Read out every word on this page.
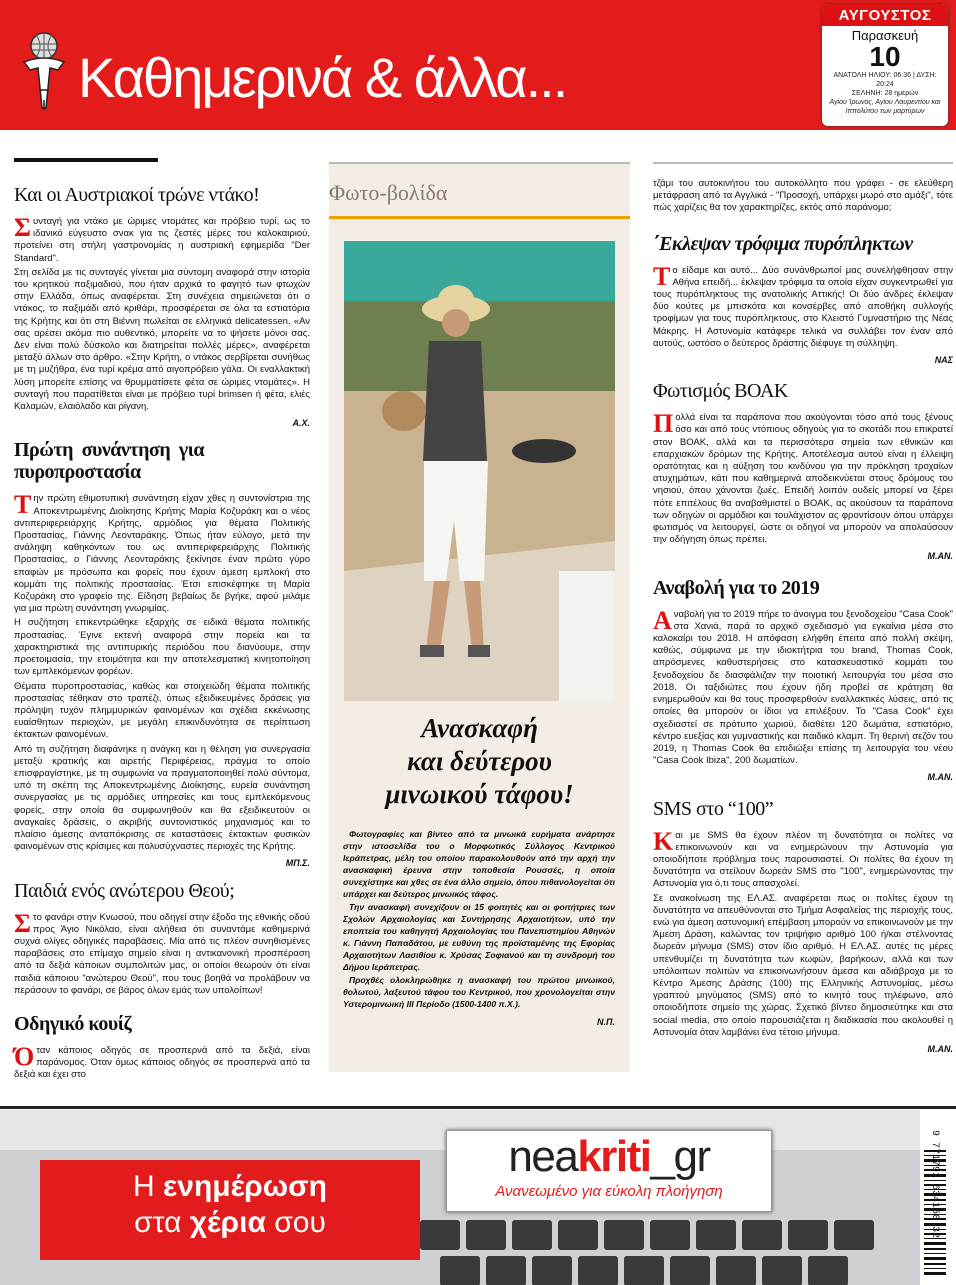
Καθημερινά & άλλα...
ΑΥΓΟΥΣΤΟΣ
Παρασκευή
10
ΑΝΑΤΟΛΗ ΗΛΙΟΥ: 06:36 | ΔΥΣΗ: 20:24
ΣΕΛΗΝΗ: 28 ημερών
Αγίου Ίρωνος, Αγίου Λαυρεντίου και Ιππολύτου των μαρτύρων
Και οι Αυστριακοί τρώνε ντάκο!

Συνταγή για ντάκο με ώριμες ντομάτες και πρόβειο τυρί, ως το ιδανικό εύγευστο σνακ για τις ζεστές μέρες του καλοκαιριού, προτείνει στη στήλη γαστρονομίας η αυστριακή εφημερίδα "Der Standard".

Στη σελίδα με τις συνταγές γίνεται μια σύντομη αναφορά στην ιστορία του κρητικού παξιμαδιού, που ήταν αρχικά το φαγητό των φτωχών στην Ελλάδα, όπως αναφέρεται. Στη συνέχεια σημειώνεται ότι ο ντάκος, το παξιμάδι από κριθάρι, προσφέρεται σε όλα τα εστιατόρια της Κρήτης και ότι στη Βιέννη πωλείται σε ελληνικά delicatessen. «Αν σας αρέσει ακόμα πιο αυθεντικό, μπορείτε να το ψήσετε μόνοι σας. Δεν είναι πολύ δύσκολο και διατηρείται πολλές μέρες», αναφέρεται μεταξύ άλλων στο άρθρο. «Στην Κρήτη, ο ντάκος σερβίρεται συνήθως με τη μυζήθρα, ένα τυρί κρέμα από αιγοπρόβειο γάλα. Οι εναλλακτική λύση μπορείτε επίσης να θρυμματίσετε φέτα σε ώριμες ντομάτες». Η συνταγή που παρατίθεται είναι με πρόβειο τυρί brimsen ή φέτα, ελιές Καλαμών, ελαιόλαδο και ρίγανη.

Α.Χ.
Πρώτη συνάντηση για πυροπροστασία

Την πρώτη εθιμοτυπική συνάντηση είχαν χθες η συντονίστρια της Αποκεντρωμένης Διοίκησης Κρήτης Μαρία Κοζυράκη και ο νέος αντιπεριφερειάρχης Κρήτης, αρμόδιος για θέματα Πολιτικής Προστασίας, Γιάννης Λεονταράκης. Όπως ήταν εύλογο, μετά την ανάληψη καθηκόντων του ως αντιπεριφερειάρχης Πολιτικής Προστασίας, ο Γιάννης Λεονταράκης ξεκίνησε έναν πρώτο γύρο επαφών με πρόσωπα και φορείς που έχουν άμεση εμπλοκή στο κομμάτι της πολιτικής προστασίας. Έτσι επισκέφτηκε τη Μαρία Κοζυράκη στο γραφείο της. Είδηση βεβαίως δε βγήκε, αφού μιλάμε για μια πρώτη συνάντηση γνωριμίας.

Η συζήτηση επικεντρώθηκε εξαρχής σε ειδικά θέματα πολιτικής προστασίας. Έγινε εκτενή αναφορά στην πορεία και τα χαρακτηριστικά της αντιπυρικής περιόδου που διανύουμε, στην προετοιμασία, την ετοιμότητα και την αποτελεσματική κινητοποίηση των εμπλεκόμενων φορέων.

Θέματα πυροπροστασίας, καθώς και στοιχειώδη θέματα πολιτικής προστασίας τέθηκαν στο τραπέζι, όπως εξειδικευμένες δράσεις για πρόληψη τυχόν πλημμυρικών φαινομένων και σχέδια εκκένωσης ευαίσθητων περιοχών, με μεγάλη επικινδυνότητα σε περίπτωση έκτακτων φαινομένων.

Από τη συζήτηση διαφάνηκε η ανάγκη και η θέληση για συνεργασία μεταξύ κρατικής και αιρετής Περιφέρειας, πράγμα το οποίο επισφραγίστηκε, με τη συμφωνία να πραγματοποιηθεί πολύ σύντομα, υπό τη σκέπη της Αποκεντρωμένης Διοίκησης, ευρεία συνάντηση συνεργασίας με τις αρμόδιες υπηρεσίες και τους εμπλεκόμενους φορείς, στην οποία θα συμφωνηθούν και θα εξειδικευτούν οι αναγκαίες δράσεις, ο ακριβής συντονιστικός μηχανισμός και το πλαίσιο άμεσης ανταπόκρισης σε καταστάσεις έκτακτων φυσικών φαινομένων στις κρίσιμες και πολυσύχναστες περιοχές της Κρήτης.

ΜΠ.Σ.
Παιδιά ενός ανώτερου Θεού;

Στο φανάρι στην Κνωσού, που οδηγεί στην έξοδο της εθνικής οδού προς Άγιο Νικόλαο, είναι αλήθεια ότι συναντάμε καθημερινά συχνά ολίγες οδηγικές παραβάσεις. Μία από τις πλέον συνηθισμένες παραβάσεις στο επίμαχο σημείο είναι η αντικανονική προσπέραση από τα δεξιά κάποιων συμπολιτών μας, οι οποίοι θεωρούν ότι είναι παιδιά κάποιου "ανώτερου Θεού", που τους βοηθά να προλάβουν να περάσουν το φανάρι, σε βάρος όλων εμάς των υπολοίπων!

Οδηγικό κουίζ

Όταν κάποιος οδηγός σε προσπερνά από τα δεξιά, είναι παράνομος. Όταν όμως κάποιος οδηγός σε προσπερνά από τα δεξιά και έχει στο

Φωτο-βολίδα
Ανασκαφή
και δεύτερου
μινωικού τάφου!

Φωτογραφίες και βίντεο από τα μινωικά ευρήματα ανάρτησε στην ιστοσελίδα του ο Μορφωτικός Σύλλογος Κεντρικού Ιεράπετρας, μέλη του οποίου παρακολουθούν από την αρχή την ανασκαφική έρευνα στην τοποθεσία Ρουσσές, η οποία συνεχίστηκε και χθες σε ένα άλλο σημείο, όπου πιθανολογείται ότι υπάρχει και δεύτερος μινωικός τάφος.

Την ανασκαφή συνεχίζουν οι 15 φοιτητές και οι φοιτήτριες των Σχολών Αρχαιολογίας και Συντήρησης Αρχαιοτήτων, υπό την εποπτεία του καθηγητή Αρχαιολογίας του Πανεπιστημίου Αθηνών κ. Γιάννη Παπαδάτου, με ευθύνη της προϊσταμένης της Εφορίας Αρχαιοτήτων Λασιθίου κ. Χρύσας Σοφιανού και τη συνδρομή του Δήμου Ιεράπετρας.

Προχθές ολοκληρώθηκε η ανασκαφή του πρώτου μινωικού, θολωτού, λαξευτού τάφου του Κεντρικού, που χρονολογείται στην Υστερομινωική ΙΙΙ Περίοδο (1500-1400 π.Χ.).

Ν.Π.

τζάμι του αυτοκινήτου του αυτοκόλλητο που γράφει - σε ελεύθερη μετάφραση από τα Αγγλικά - "Προσοχή, υπάρχει μωρό στο αμάξι", τότε πώς χαρίζεις θα τον χαρακτηρίζες, εκτός από παράνομο;

΄Εκλεψαν τρόφιμα πυρόπληκτων

Το είδαμε και αυτό... Δύο συνάνθρωποί μας συνελήφθησαν στην Αθήνα επειδή... έκλεψαν τρόφιμα τα οποία είχαν συγκεντρωθεί για τους πυρόπληκτους της ανατολικής Αττικής! Οι δύο άνδρες έκλεψαν δύο κούτες με μπισκότα και κονσέρβες από αποθήκη συλλογής τροφίμων για τους πυρόπληκτους, στο Κλειστό Γυμναστήριο της Νέας Μάκρης. Η Αστυνομία κατάφερε τελικά να συλλάβει τον έναν από αυτούς, ωστόσο ο δεύτερος δράστης διέφυγε τη σύλληψη.

ΝΑΣ
Φωτισμός ΒΟΑΚ

Πολλά είναι τα παράπονα που ακούγονται τόσο από τους ξένους όσο και από τους ντόπιους οδηγούς για το σκοτάδι που επικρατεί στον ΒΟΑΚ, αλλά και τα περισσότερα σημεία των εθνικών και επαρχιακών δρόμων της Κρήτης. Αποτέλεσμα αυτού είναι η έλλειψη ορατότητας και η αύξηση του κινδύνου για την πρόκληση τροχαίων ατυχημάτων, κάτι που καθημερινά αποδεικνύεται στους δρόμους του νησιού, όπου χάνονται ζωές. Επειδή λοιπόν ουδείς μπορεί να ξέρει πότε επιτέλους θα αναβαθμιστεί ο ΒΟΑΚ, ας ακούσουν τα παράπονα των οδηγών οι αρμόδιοι και τουλάχιστον ας φροντίσουν όπου υπάρχει φωτισμός να λειτουργεί, ώστε οι οδηγοί να μπορούν να απολαύσουν την οδήγηση όπως πρέπει.

Μ.ΑΝ.
Αναβολή για το 2019

Αναβολή για το 2019 πήρε το άνοιγμα του ξενοδοχείου "Casa Cook" στα Χανιά, παρά το αρχικό σχεδιασμό για εγκαίνια μέσα στο καλοκαίρι του 2018. Η απόφαση ελήφθη έπειτα από πολλή σκέψη, καθώς, σύμφωνα με την ιδιοκτήτρια του brand, Thomas Cook, απρόσμενες καθυστερήσεις στο κατασκευαστικό κομμάτι του ξενοδοχείου δε διασφάλιζαν την ποιοτική λειτουργία του μέσα στο 2018. Οι ταξιδιώτες που έχουν ήδη προβεί σε κράτηση θα ενημερωθούν και θα τους προσφερθούν εναλλακτικές λύσεις, από τις οποίες θα μπορούν οι ίδιοι να επιλέξουν. Το "Casa Cook" έχει σχεδιαστεί σε πρότυπο χωριού, διαθέτει 120 δωμάτια, εστιατόριο, κέντρο ευεξίας και γυμναστικής και παιδικό κλαμπ. Τη θερινή σεζόν του 2019, η Thomas Cook θα επιδιώξει επίσης τη λειτουργία του νέου "Casa Cook Ibiza", 200 δωματίων.

Μ.ΑΝ.
SMS στο “100”

Και με SMS θα έχουν πλέον τη δυνατότητα οι πολίτες να επικοινωνούν και να ενημερώνουν την Αστυνομία για οποιοδήποτε πρόβλημα τους παρουσιαστεί. Οι πολίτες θα έχουν τη δυνατότητα να στείλουν δωρεάν SMS στο "100", ενημερώνοντας την Αστυνομία για ό,τι τους απασχολεί.

Σε ανακοίνωση της ΕΛ.ΑΣ. αναφέρεται πως οι πολίτες έχουν τη δυνατότητα να απευθύνονται στο Τμήμα Ασφαλείας της περιοχής τους, ενώ για άμεση αστυνομική επέμβαση μπορούν να επικοινωνούν με την Άμεση Δράση, καλώντας τον τριψήφιο αριθμό 100 ή/και στέλνοντας δωρεάν μήνυμα (SMS) στον ίδιο αριθμό. Η ΕΛ.ΑΣ. αυτές τις μέρες υπενθυμίζει τη δυνατότητα των κωφών, βαρήκοων, αλλά και των υπόλοιπων πολιτών να επικοινωνήσουν άμεσα και αδιάβροχα με το Κέντρο Άμεσης Δράσης (100) της Ελληνικής Αστυνομίας, μέσω γραπτού μηνύματος (SMS) από το κινητό τους τηλέφωνο, από οποιοδήποτε σημείο της χώρας. Σχετικό βίντεο δημοσιεύτηκε και στα social media, στο οποίο παρουσιάζεται η διαδικασία που ακολουθεί η Αστυνομία όταν λαμβάνει ένα τέτοιο μήνυμα.

Μ.ΑΝ.
Η ενημέρωση
στα χέρια σου
neakriti_gr
Ανανεωμένο για εύκολη πλοήγηση	9 771791 634150 32
